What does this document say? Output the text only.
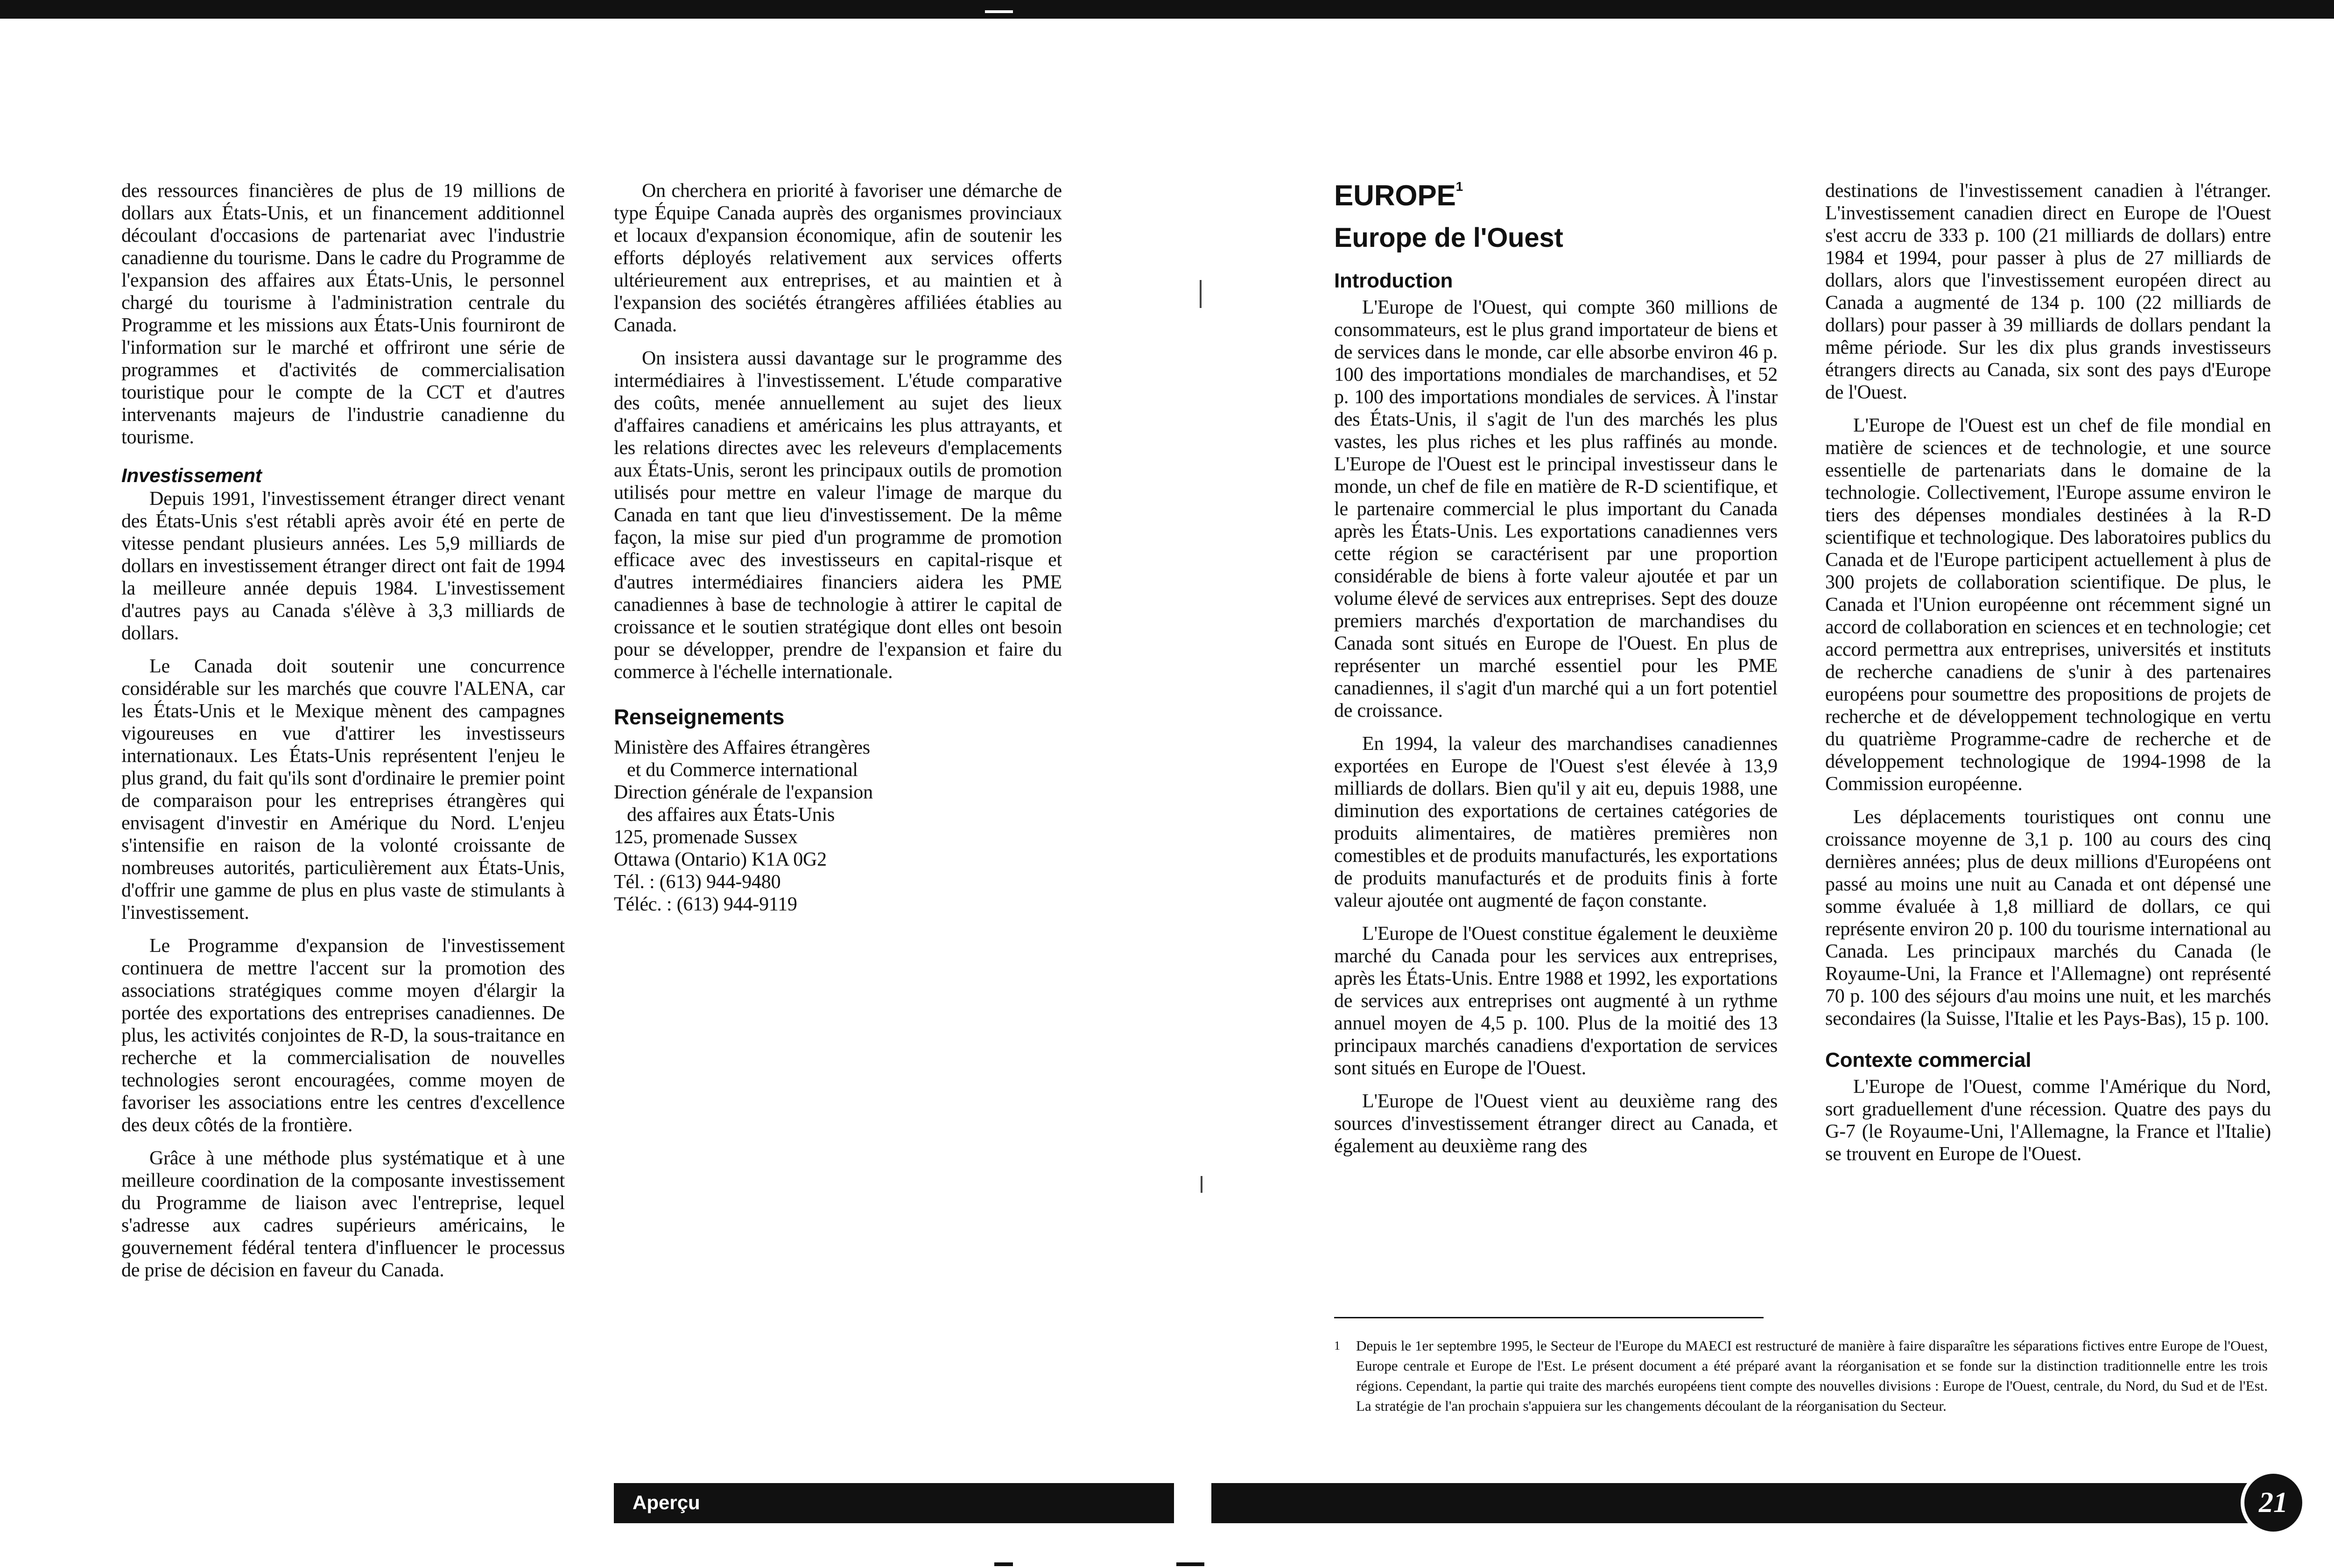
des ressources financières de plus de 19 millions de dollars aux États-Unis, et un financement additionnel découlant d'occasions de partenariat avec l'industrie canadienne du tourisme. Dans le cadre du Programme de l'expansion des affaires aux États-Unis, le personnel chargé du tourisme à l'administration centrale du Programme et les missions aux États-Unis fourniront de l'information sur le marché et offriront une série de programmes et d'activités de commercialisation touristique pour le compte de la CCT et d'autres intervenants majeurs de l'industrie canadienne du tourisme.

Investissement

Depuis 1991, l'investissement étranger direct venant des États-Unis s'est rétabli après avoir été en perte de vitesse pendant plusieurs années. Les 5,9 milliards de dollars en investissement étranger direct ont fait de 1994 la meilleure année depuis 1984. L'investissement d'autres pays au Canada s'élève à 3,3 milliards de dollars.

Le Canada doit soutenir une concurrence considérable sur les marchés que couvre l'ALENA, car les États-Unis et le Mexique mènent des campagnes vigoureuses en vue d'attirer les investisseurs internationaux. Les États-Unis représentent l'enjeu le plus grand, du fait qu'ils sont d'ordinaire le premier point de comparaison pour les entreprises étrangères qui envisagent d'investir en Amérique du Nord. L'enjeu s'intensifie en raison de la volonté croissante de nombreuses autorités, particulièrement aux États-Unis, d'offrir une gamme de plus en plus vaste de stimulants à l'investissement.

Le Programme d'expansion de l'investissement continuera de mettre l'accent sur la promotion des associations stratégiques comme moyen d'élargir la portée des exportations des entreprises canadiennes. De plus, les activités conjointes de R-D, la sous-traitance en recherche et la commercialisation de nouvelles technologies seront encouragées, comme moyen de favoriser les associations entre les centres d'excellence des deux côtés de la frontière.

Grâce à une méthode plus systématique et à une meilleure coordination de la composante investissement du Programme de liaison avec l'entreprise, lequel s'adresse aux cadres supérieurs américains, le gouvernement fédéral tentera d'influencer le processus de prise de décision en faveur du Canada.

On cherchera en priorité à favoriser une démarche de type Équipe Canada auprès des organismes provinciaux et locaux d'expansion économique, afin de soutenir les efforts déployés relativement aux services offerts ultérieurement aux entreprises, et au maintien et à l'expansion des sociétés étrangères affiliées établies au Canada.

On insistera aussi davantage sur le programme des intermédiaires à l'investissement. L'étude comparative des coûts, menée annuellement au sujet des lieux d'affaires canadiens et américains les plus attrayants, et les relations directes avec les releveurs d'emplacements aux États-Unis, seront les principaux outils de promotion utilisés pour mettre en valeur l'image de marque du Canada en tant que lieu d'investissement. De la même façon, la mise sur pied d'un programme de promotion efficace avec des investisseurs en capital-risque et d'autres intermédiaires financiers aidera les PME canadiennes à base de technologie à attirer le capital de croissance et le soutien stratégique dont elles ont besoin pour se développer, prendre de l'expansion et faire du commerce à l'échelle internationale.

Renseignements
Ministère des Affaires étrangères
et du Commerce international
Direction générale de l'expansion
des affaires aux États-Unis
125, promenade Sussex
Ottawa (Ontario) K1A 0G2
Tél. : (613) 944-9480
Téléc. : (613) 944-9119
EUROPE$^1$
Europe de l'Ouest
Introduction

L'Europe de l'Ouest, qui compte 360 millions de consommateurs, est le plus grand importateur de biens et de services dans le monde, car elle absorbe environ 46 p. 100 des importations mondiales de marchandises, et 52 p. 100 des importations mondiales de services. À l'instar des États-Unis, il s'agit de l'un des marchés les plus vastes, les plus riches et les plus raffinés au monde. L'Europe de l'Ouest est le principal investisseur dans le monde, un chef de file en matière de R-D scientifique, et le partenaire commercial le plus important du Canada après les États-Unis. Les exportations canadiennes vers cette région se caractérisent par une proportion considérable de biens à forte valeur ajoutée et par un volume élevé de services aux entreprises. Sept des douze premiers marchés d'exportation de marchandises du Canada sont situés en Europe de l'Ouest. En plus de représenter un marché essentiel pour les PME canadiennes, il s'agit d'un marché qui a un fort potentiel de croissance.

En 1994, la valeur des marchandises canadiennes exportées en Europe de l'Ouest s'est élevée à 13,9 milliards de dollars. Bien qu'il y ait eu, depuis 1988, une diminution des exportations de certaines catégories de produits alimentaires, de matières premières non comestibles et de produits manufacturés, les exportations de produits manufacturés et de produits finis à forte valeur ajoutée ont augmenté de façon constante.

L'Europe de l'Ouest constitue également le deuxième marché du Canada pour les services aux entreprises, après les États-Unis. Entre 1988 et 1992, les exportations de services aux entreprises ont augmenté à un rythme annuel moyen de 4,5 p. 100. Plus de la moitié des 13 principaux marchés canadiens d'exportation de services sont situés en Europe de l'Ouest.

L'Europe de l'Ouest vient au deuxième rang des sources d'investissement étranger direct au Canada, et également au deuxième rang des

destinations de l'investissement canadien à l'étranger. L'investissement canadien direct en Europe de l'Ouest s'est accru de 333 p. 100 (21 milliards de dollars) entre 1984 et 1994, pour passer à plus de 27 milliards de dollars, alors que l'investissement européen direct au Canada a augmenté de 134 p. 100 (22 milliards de dollars) pour passer à 39 milliards de dollars pendant la même période. Sur les dix plus grands investisseurs étrangers directs au Canada, six sont des pays d'Europe de l'Ouest.

L'Europe de l'Ouest est un chef de file mondial en matière de sciences et de technologie, et une source essentielle de partenariats dans le domaine de la technologie. Collectivement, l'Europe assume environ le tiers des dépenses mondiales destinées à la R-D scientifique et technologique. Des laboratoires publics du Canada et de l'Europe participent actuellement à plus de 300 projets de collaboration scientifique. De plus, le Canada et l'Union européenne ont récemment signé un accord de collaboration en sciences et en technologie; cet accord permettra aux entreprises, universités et instituts de recherche canadiens de s'unir à des partenaires européens pour soumettre des propositions de projets de recherche et de développement technologique en vertu du quatrième Programme-cadre de recherche et de développement technologique de 1994-1998 de la Commission européenne.

Les déplacements touristiques ont connu une croissance moyenne de 3,1 p. 100 au cours des cinq dernières années; plus de deux millions d'Européens ont passé au moins une nuit au Canada et ont dépensé une somme évaluée à 1,8 milliard de dollars, ce qui représente environ 20 p. 100 du tourisme international au Canada. Les principaux marchés du Canada (le Royaume-Uni, la France et l'Allemagne) ont représenté 70 p. 100 des séjours d'au moins une nuit, et les marchés secondaires (la Suisse, l'Italie et les Pays-Bas), 15 p. 100.

Contexte commercial

L'Europe de l'Ouest, comme l'Amérique du Nord, sort graduellement d'une récession. Quatre des pays du G-7 (le Royaume-Uni, l'Allemagne, la France et l'Italie) se trouvent en Europe de l'Ouest.

1 Depuis le 1er septembre 1995, le Secteur de l'Europe du MAECI est restructuré de manière à faire disparaître les séparations fictives entre Europe de l'Ouest, Europe centrale et Europe de l'Est. Le présent document a été préparé avant la réorganisation et se fonde sur la distinction traditionnelle entre les trois régions. Cependant, la partie qui traite des marchés européens tient compte des nouvelles divisions : Europe de l'Ouest, centrale, du Nord, du Sud et de l'Est. La stratégie de l'an prochain s'appuiera sur les changements découlant de la réorganisation du Secteur.
Aperçu	21
